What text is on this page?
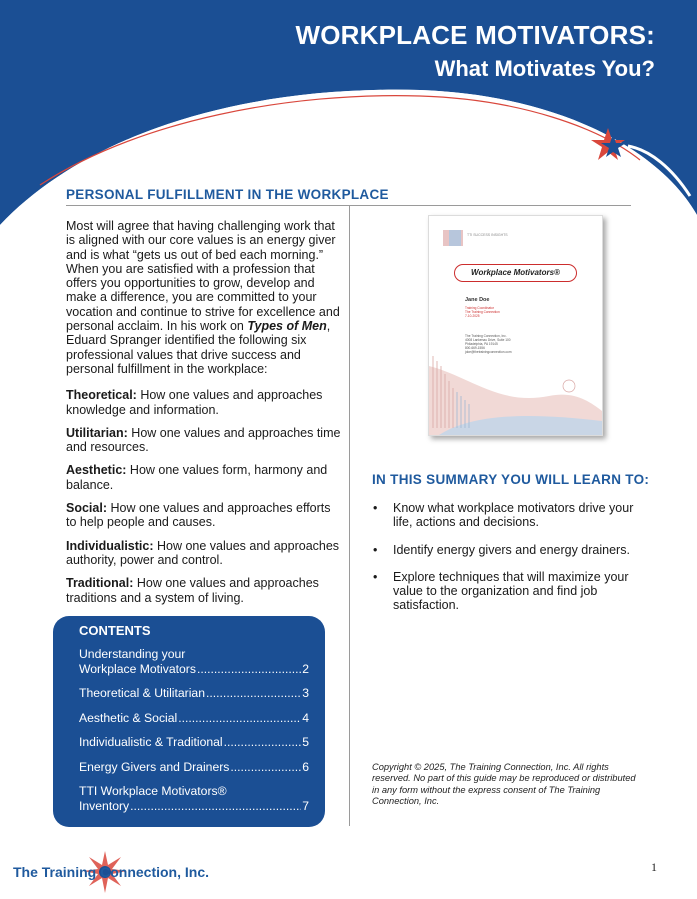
WORKPLACE MOTIVATORS:
What Motivates You?
PERSONAL FULFILLMENT IN THE WORKPLACE

Most will agree that having challenging work that is aligned with our core values is an energy giver and is what “gets us out of bed each morning.” When you are satisfied with a profession that offers you opportunities to grow, develop and make a difference, you are committed to your vocation and continue to strive for excellence and personal acclaim. In his work on Types of Men, Eduard Spranger identified the following six professional values that drive success and personal fulfillment in the workplace:

Theoretical: How one values and approaches knowledge and information.

Utilitarian: How one values and approaches time and resources.

Aesthetic: How one values form, harmony and balance.

Social: How one values and approaches efforts to help people and causes.

Individualistic: How one values and approaches authority, power and control.

Traditional: How one values and approaches traditions and a system of living.

CONTENTS
Understanding your
Workplace Motivators .....	2
Theoretical & Utilitarian .....	3
Aesthetic & Social .....	4
Individualistic & Traditional .....	5
Energy Givers and Drainers .....	6
TTI Workplace Motivators®
Inventory .....	7
TTI SUCCESS INSIGHTS
Workplace Motivators®
Jane Doe
Training Coordinator
The Training Connection
7-10-2025
The Training Connection, Inc.
4008 Lankenau Drive, Suite 100
Philadelphia, PA 19145
800-669-1556
jdoe@thetrainingconnection.com
IN THIS SUMMARY YOU WILL LEARN TO:
• Know what workplace motivators drive your life, actions and decisions.
• Identify energy givers and energy drainers.
• Explore techniques that will maximize your value to the organization and find job satisfaction.
Copyright © 2025, The Training Connection, Inc. All rights reserved. No part of this guide may be reproduced or distributed in any form without the express consent of The Training Connection, Inc.
The Training Connection, Inc.	1
